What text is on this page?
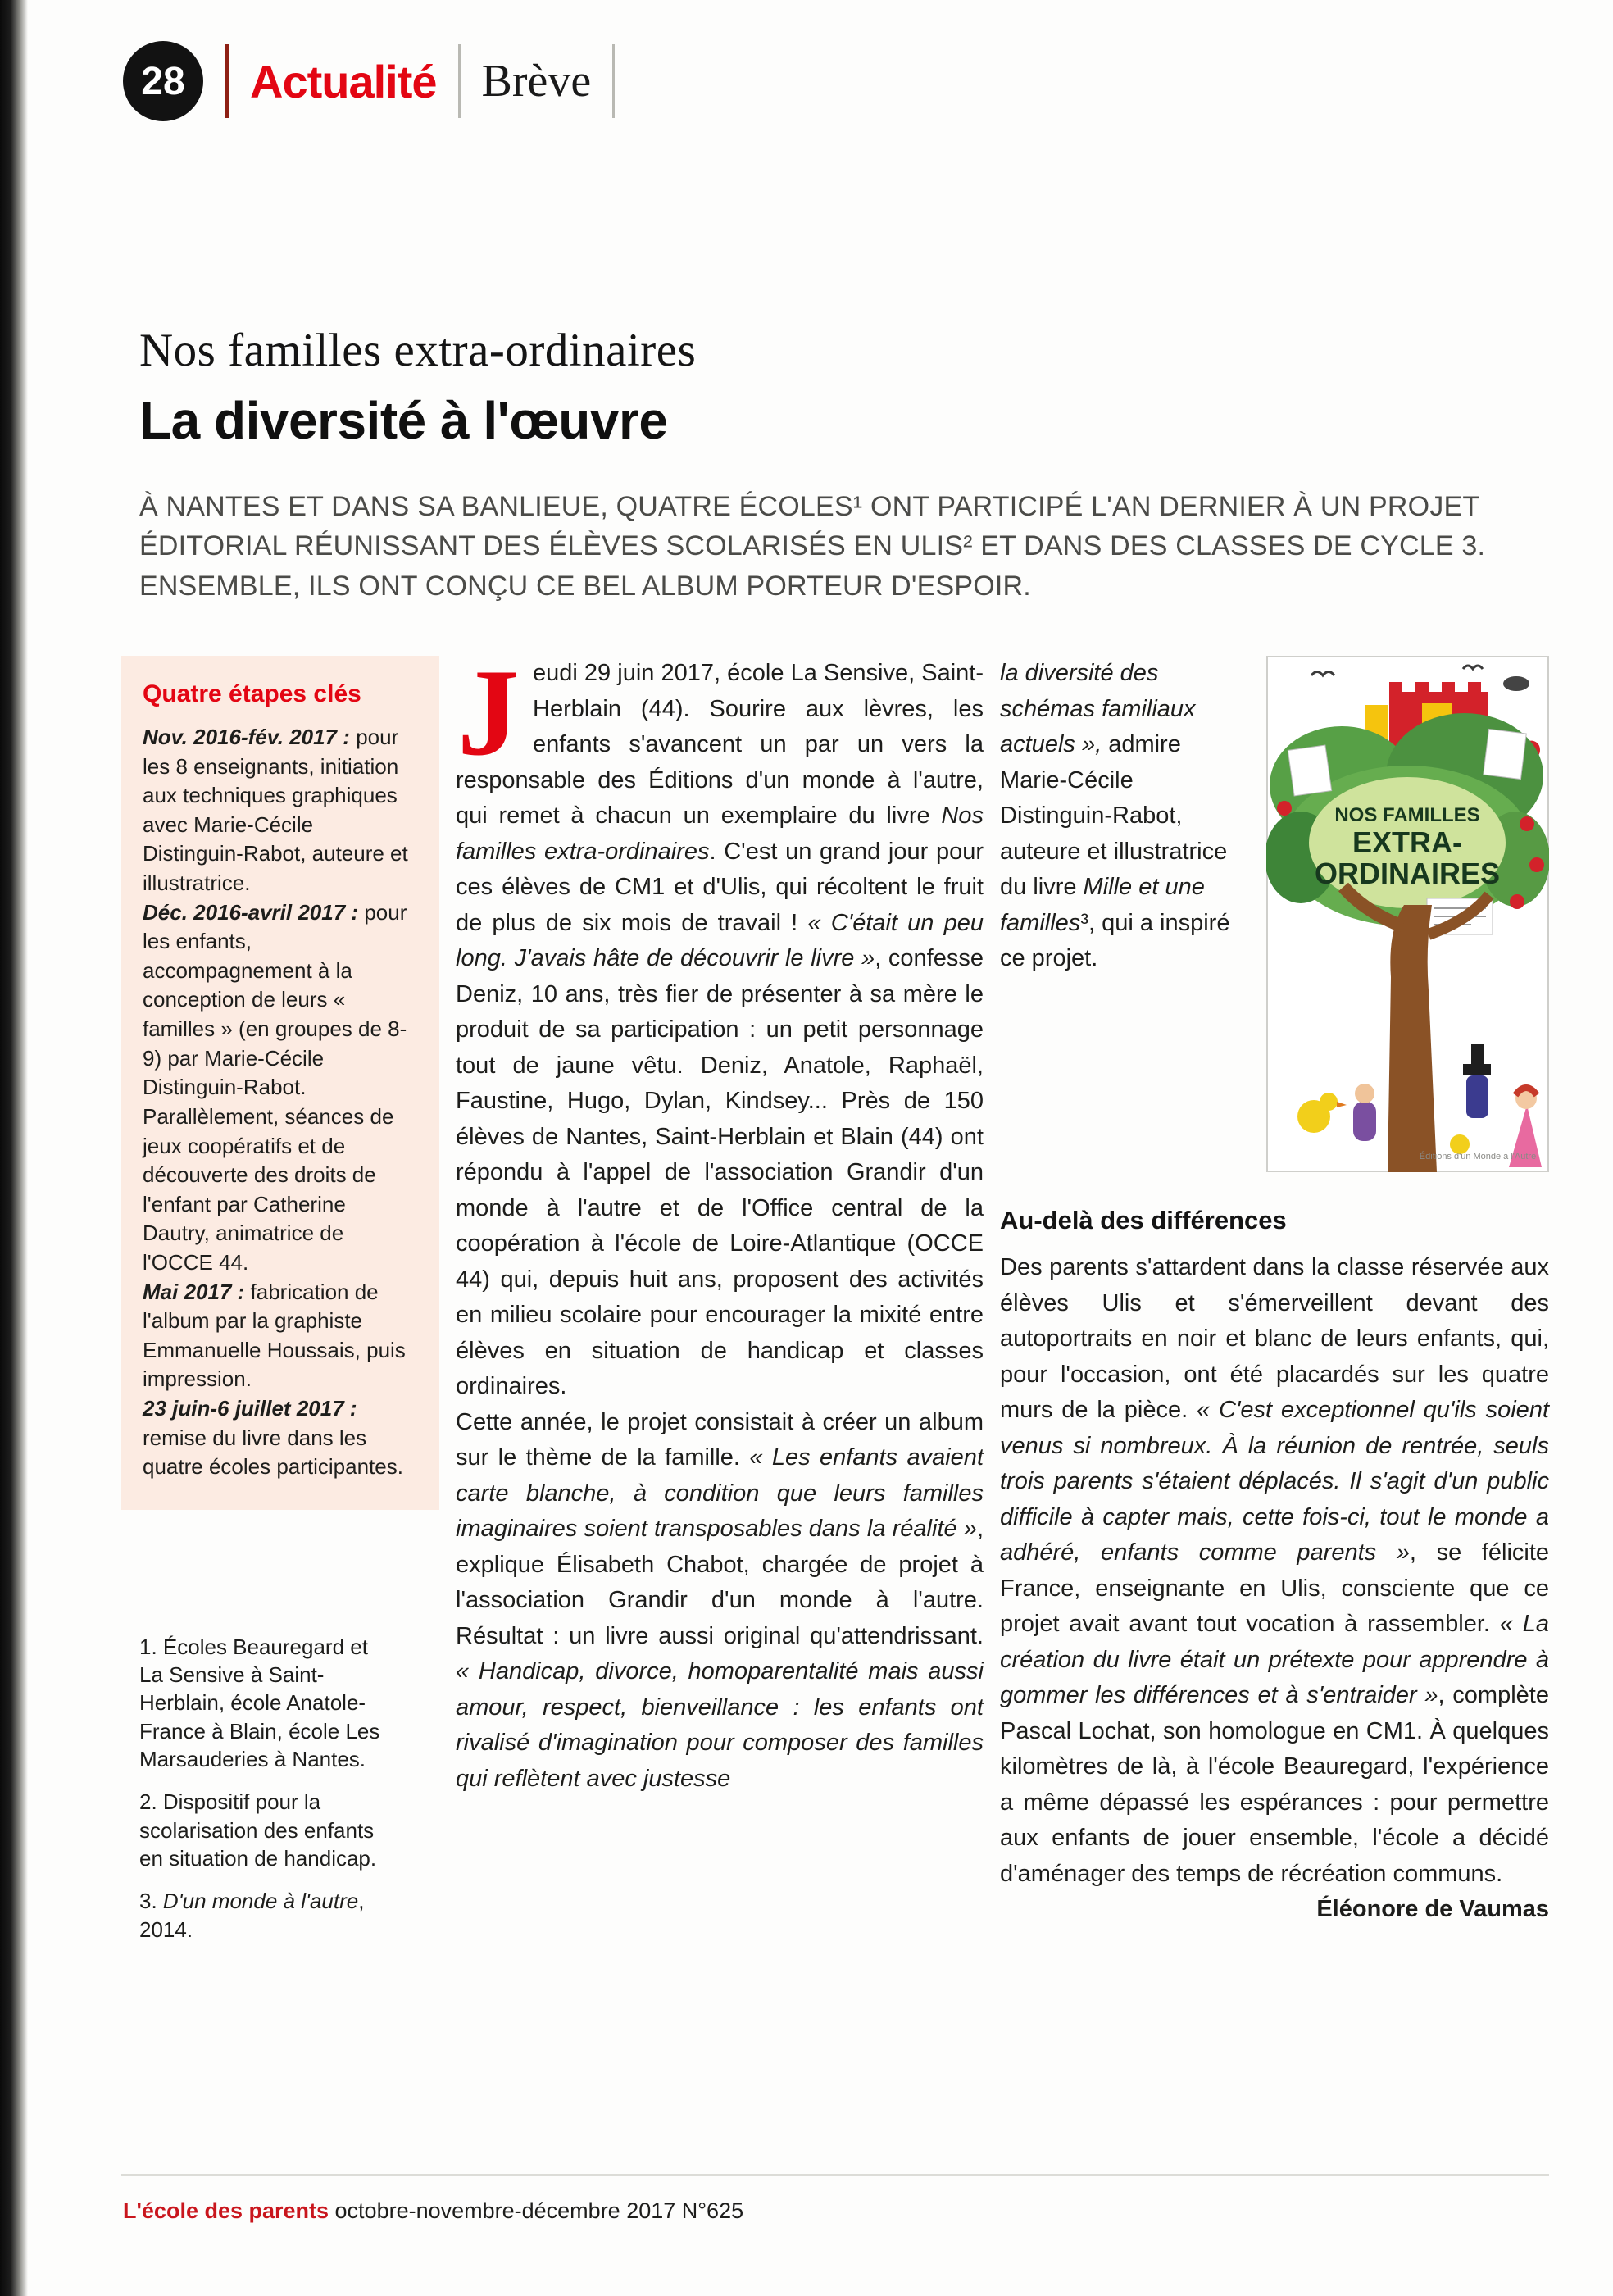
28 Actualité Brève
Nos familles extra-ordinaires
La diversité à l'œuvre

À NANTES ET DANS SA BANLIEUE, QUATRE ÉCOLES¹ ONT PARTICIPÉ L'AN DERNIER À UN PROJET ÉDITORIAL RÉUNISSANT DES ÉLÈVES SCOLARISÉS EN ULIS² ET DANS DES CLASSES DE CYCLE 3. ENSEMBLE, ILS ONT CONÇU CE BEL ALBUM PORTEUR D'ESPOIR.

Quatre étapes clés

Nov. 2016-fév. 2017 : pour les 8 enseignants, initiation aux techniques graphiques avec Marie-Cécile Distinguin-Rabot, auteure et illustratrice.

Déc. 2016-avril 2017 : pour les enfants, accompagnement à la conception de leurs « familles » (en groupes de 8-9) par Marie-Cécile Distinguin-Rabot. Parallèlement, séances de jeux coopératifs et de découverte des droits de l'enfant par Catherine Dautry, animatrice de l'OCCE 44.

Mai 2017 : fabrication de l'album par la graphiste Emmanuelle Houssais, puis impression.

23 juin-6 juillet 2017 : remise du livre dans les quatre écoles participantes.

1. Écoles Beauregard et La Sensive à Saint-Herblain, école Anatole-France à Blain, école Les Marsauderies à Nantes.

2. Dispositif pour la scolarisation des enfants en situation de handicap.

3. D'un monde à l'autre, 2014.

Jeudi 29 juin 2017, école La Sensive, Saint-Herblain (44). Sourire aux lèvres, les enfants s'avancent un par un vers la responsable des Éditions d'un monde à l'autre, qui remet à chacun un exemplaire du livre Nos familles extra-ordinaires. C'est un grand jour pour ces élèves de CM1 et d'Ulis, qui récoltent le fruit de plus de six mois de travail ! « C'était un peu long. J'avais hâte de découvrir le livre », confesse Deniz, 10 ans, très fier de présenter à sa mère le produit de sa participation : un petit personnage tout de jaune vêtu. Deniz, Anatole, Raphaël, Faustine, Hugo, Dylan, Kindsey... Près de 150 élèves de Nantes, Saint-Herblain et Blain (44) ont répondu à l'appel de l'association Grandir d'un monde à l'autre et de l'Office central de la coopération à l'école de Loire-Atlantique (OCCE 44) qui, depuis huit ans, proposent des activités en milieu scolaire pour encourager la mixité entre élèves en situation de handicap et classes ordinaires.

Cette année, le projet consistait à créer un album sur le thème de la famille. « Les enfants avaient carte blanche, à condition que leurs familles imaginaires soient transposables dans la réalité », explique Élisabeth Chabot, chargée de projet à l'association Grandir d'un monde à l'autre. Résultat : un livre aussi original qu'attendrissant. « Handicap, divorce, homoparentalité mais aussi amour, respect, bienveillance : les enfants ont rivalisé d'imagination pour composer des familles qui reflètent avec justesse

la diversité des schémas familiaux actuels », admire Marie-Cécile Distinguin-Rabot, auteure et illustratrice du livre Mille et une familles³, qui a inspiré ce projet.

NOS FAMILLES
EXTRA-
ORDINAIRES
Éditions d'un Monde à l'Autre
Au-delà des différences

Des parents s'attardent dans la classe réservée aux élèves Ulis et s'émerveillent devant des autoportraits en noir et blanc de leurs enfants, qui, pour l'occasion, ont été placardés sur les quatre murs de la pièce. « C'est exceptionnel qu'ils soient venus si nombreux. À la réunion de rentrée, seuls trois parents s'étaient déplacés. Il s'agit d'un public difficile à capter mais, cette fois-ci, tout le monde a adhéré, enfants comme parents », se félicite France, enseignante en Ulis, consciente que ce projet avait avant tout vocation à rassembler. « La création du livre était un prétexte pour apprendre à gommer les différences et à s'entraider », complète Pascal Lochat, son homologue en CM1. À quelques kilomètres de là, à l'école Beauregard, l'expérience a même dépassé les espérances : pour permettre aux enfants de jouer ensemble, l'école a décidé d'aménager des temps de récréation communs.
Éléonore de Vaumas

L'école des parents octobre-novembre-décembre 2017 N°625
